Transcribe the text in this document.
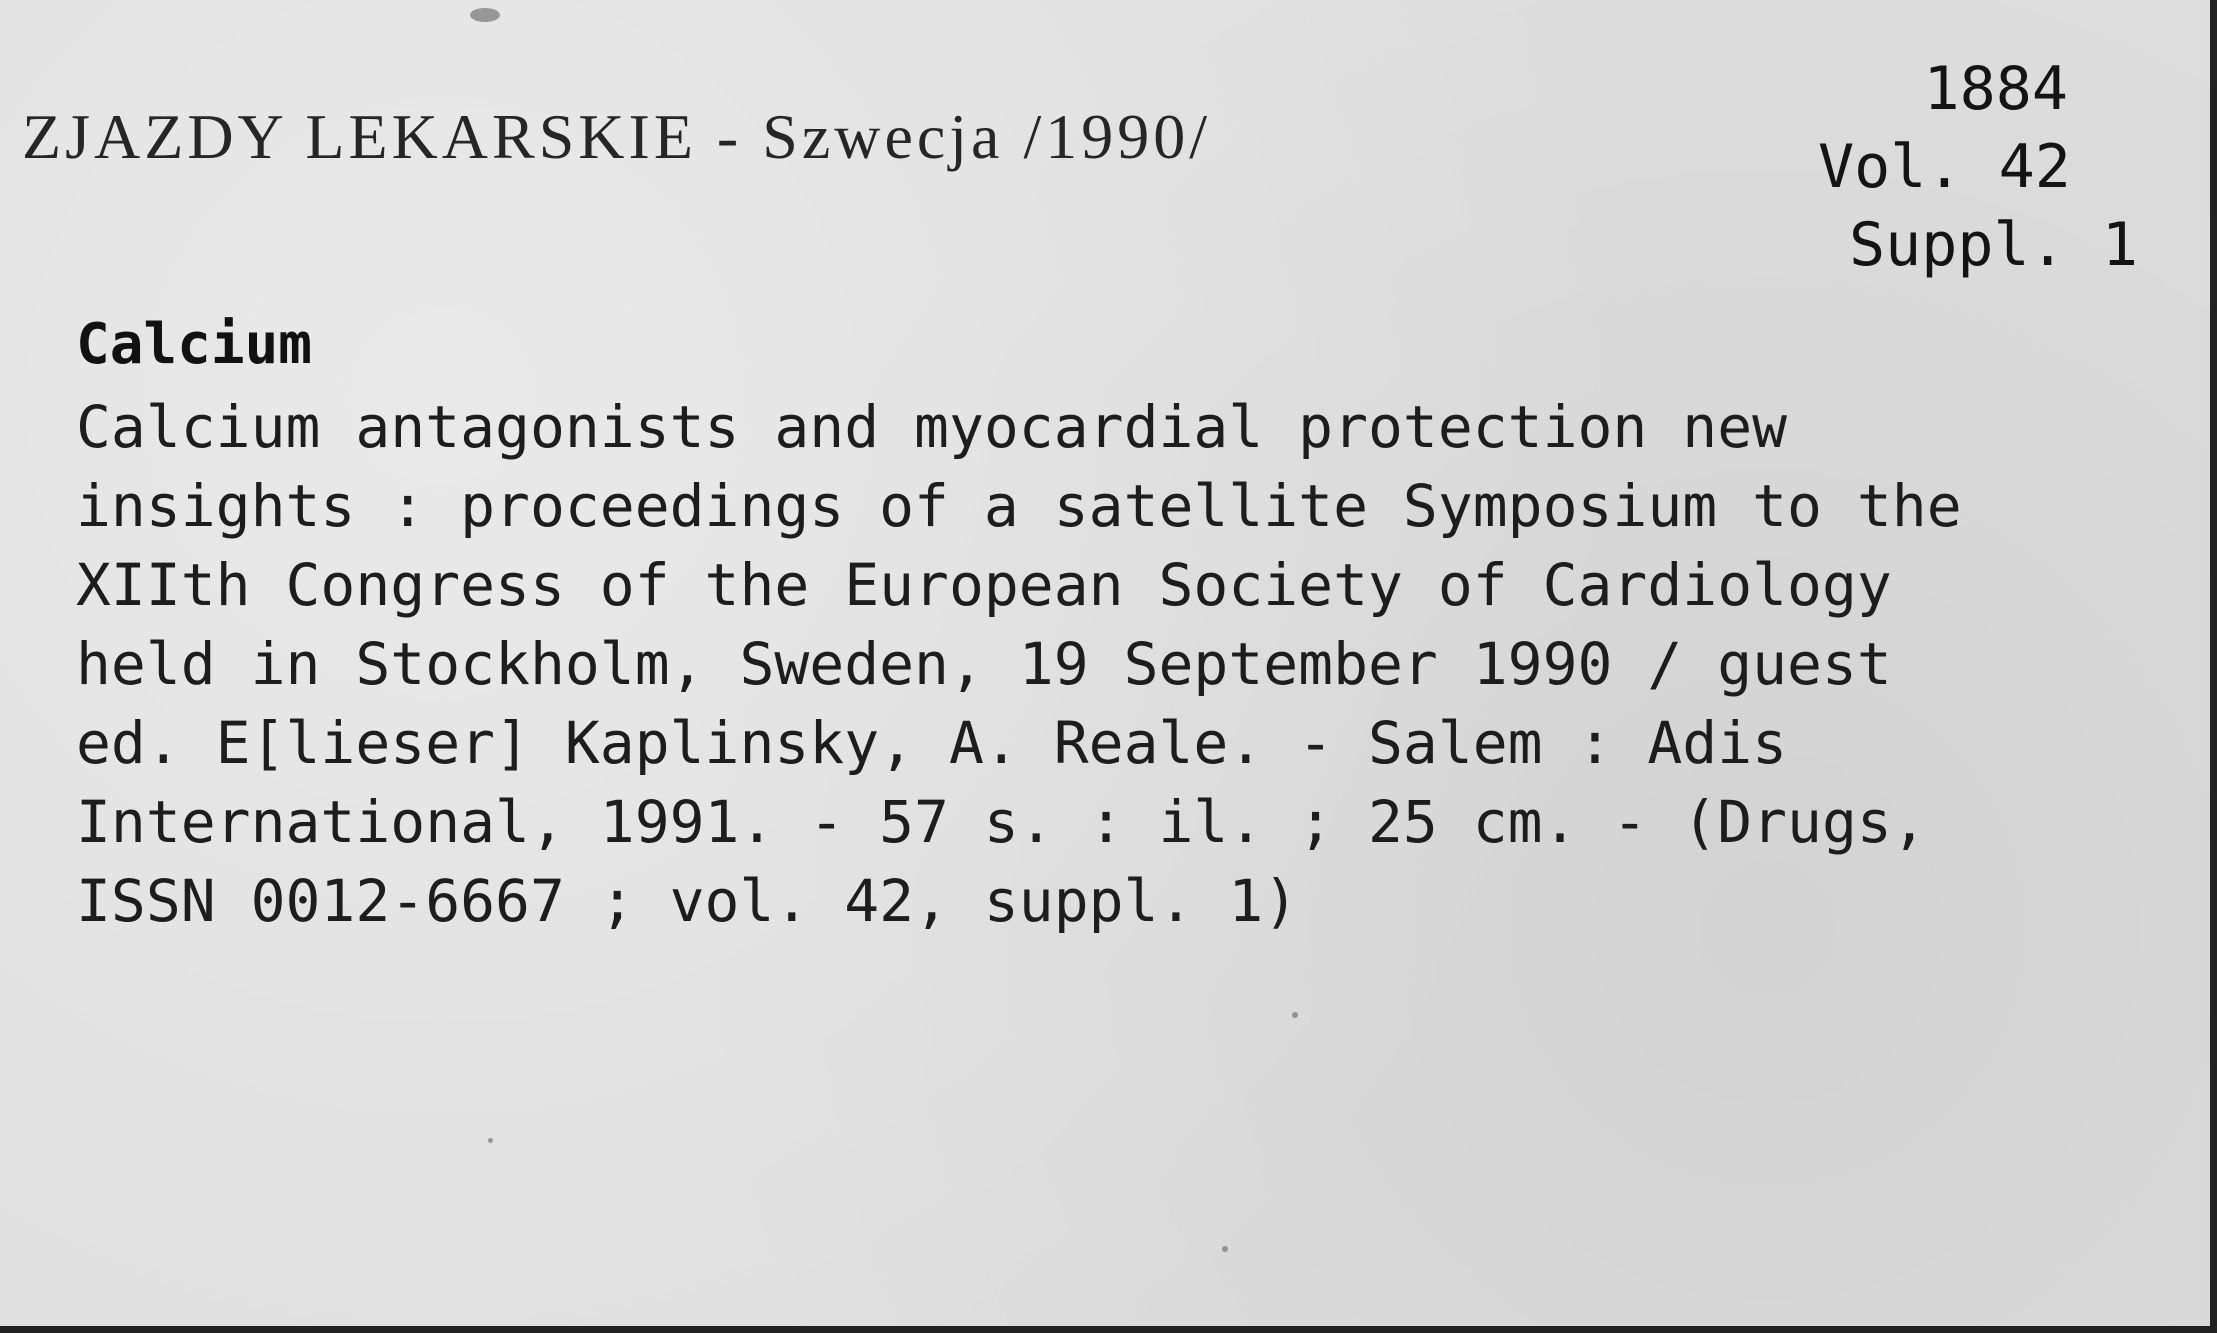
ZJAZDY LEKARSKIE - Szwecja /1990/
1884
Vol. 42
Suppl. 1
Calcium
Calcium antagonists and myocardial protection new
insights : proceedings of a satellite Symposium to the
XIIth Congress of the European Society of Cardiology
held in Stockholm, Sweden, 19 September 1990 / guest
ed. E[lieser] Kaplinsky, A. Reale. - Salem : Adis
International, 1991. - 57 s. : il. ; 25 cm. - (Drugs,
ISSN 0012-6667 ; vol. 42, suppl. 1)
